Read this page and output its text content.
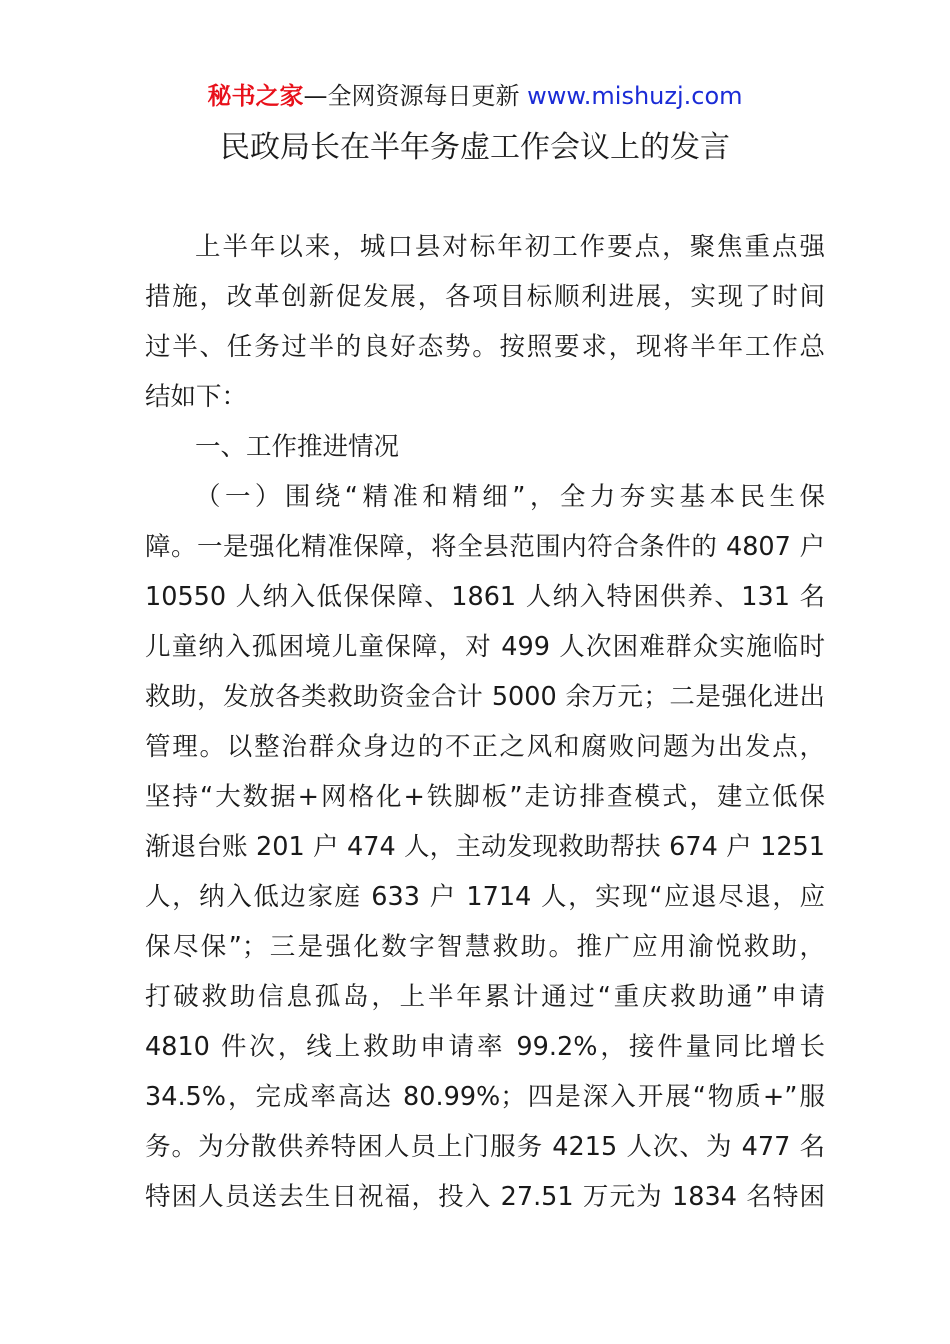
秘书之家—全网资源每日更新 www.mishuzj.com
民政局长在半年务虚工作会议上的发言
上半年以来，城口县对标年初工作要点，聚焦重点强
措施，改革创新促发展，各项目标顺利进展，实现了时间
过半、任务过半的良好态势。按照要求，现将半年工作总
结如下：
一、工作推进情况
（一）围绕“精准和精细”，全力夯实基本民生保
障。一是强化精准保障，将全县范围内符合条件的 4807 户
10550 人纳入低保保障、1861 人纳入特困供养、131 名
儿童纳入孤困境儿童保障，对 499 人次困难群众实施临时
救助，发放各类救助资金合计 5000 余万元；二是强化进出
管理。以整治群众身边的不正之风和腐败问题为出发点，
坚持“大数据+网格化+铁脚板”走访排查模式，建立低保
渐退台账 201 户 474 人，主动发现救助帮扶 674 户 1251
人，纳入低边家庭 633 户 1714 人，实现“应退尽退，应
保尽保”；三是强化数字智慧救助。推广应用渝悦救助，
打破救助信息孤岛，上半年累计通过“重庆救助通”申请
4810 件次，线上救助申请率 99.2%，接件量同比增长
34.5%，完成率高达 80.99%；四是深入开展“物质+”服
务。为分散供养特困人员上门服务 4215 人次、为 477 名
特困人员送去生日祝福，投入 27.51 万元为 1834 名特困
